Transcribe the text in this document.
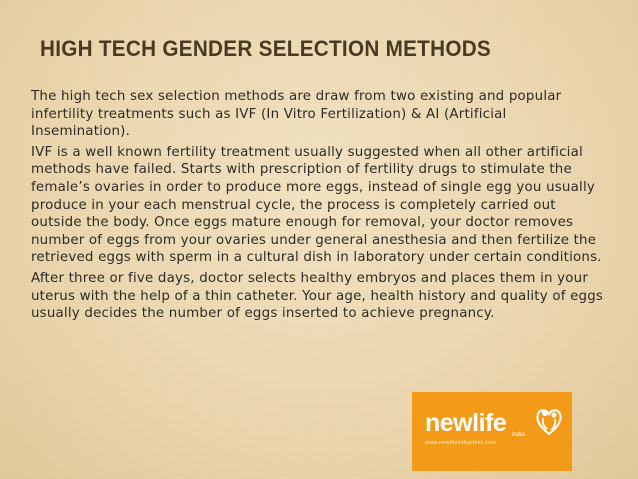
HIGH TECH GENDER SELECTION METHODS

The high tech sex selection methods are draw from two existing and popular infertility treatments such as IVF (In Vitro Fertilization) & AI (Artificial Insemination).

IVF is a well known fertility treatment usually suggested when all other artificial methods have failed. Starts with prescription of fertility drugs to stimulate the female’s ovaries in order to produce more eggs, instead of single egg you usually produce in your each menstrual cycle, the process is completely carried out outside the body. Once eggs mature enough for removal, your doctor removes number of eggs from your ovaries under general anesthesia and then fertilize the retrieved eggs with sperm in a cultural dish in laboratory under certain conditions.

After three or five days, doctor selects healthy embryos and places them in your uterus with the help of a thin catheter. Your age, health history and quality of eggs usually decides the number of eggs inserted to achieve pregnancy.

newlife india
www.newlifeindiaclinic.com
